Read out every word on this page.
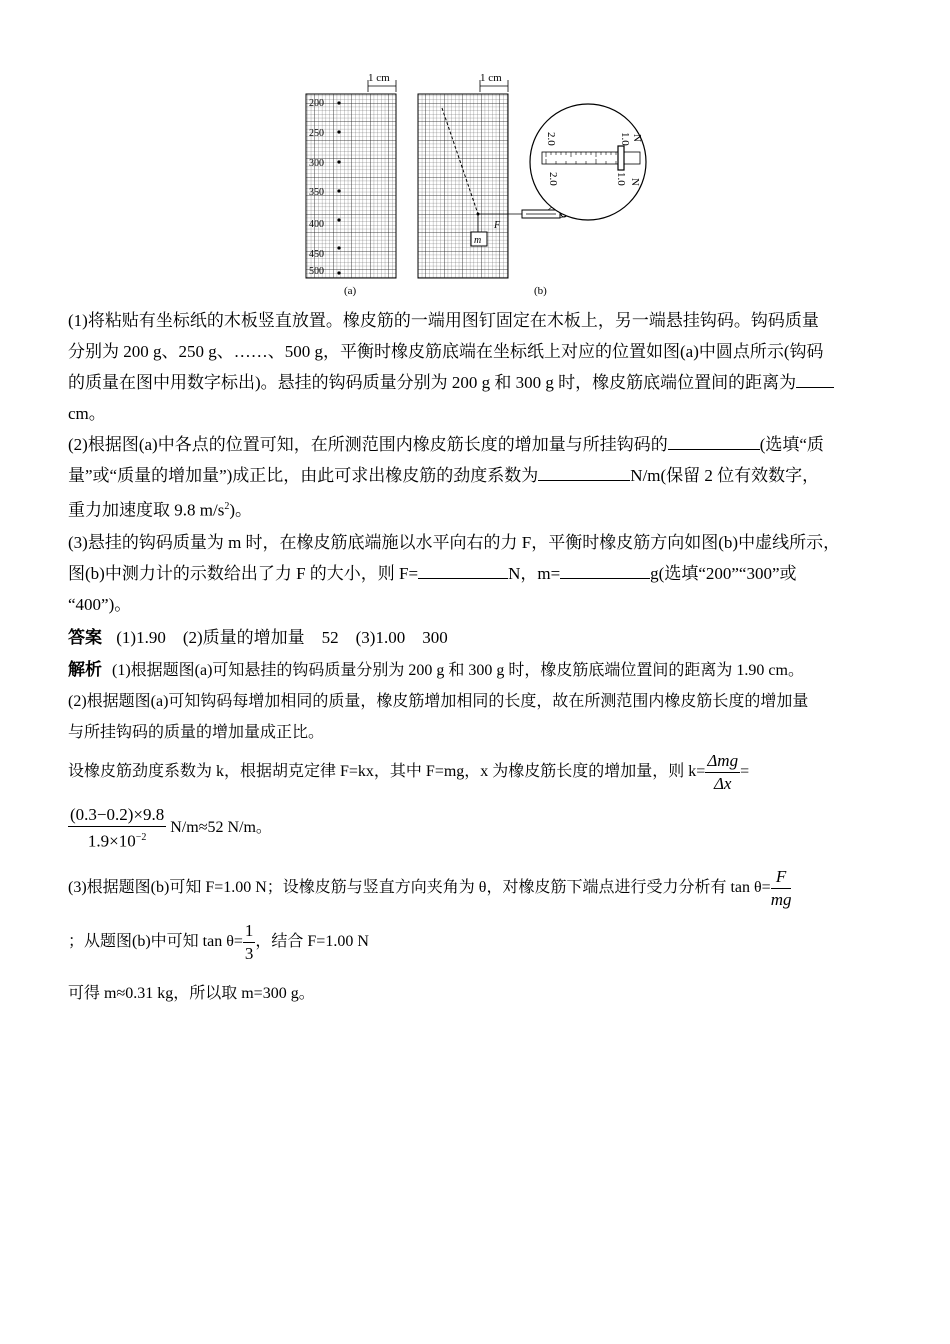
1 cm
200
250
300
350
400
450
500
(a)
1 cm
m
F
(b)
2.0	1.0 N
2.0	1.0 N
(1)将粘贴有坐标纸的木板竖直放置。橡皮筋的一端用图钉固定在木板上，另一端悬挂钩码。钩码质量
分别为 200 g、250 g、……、500 g，平衡时橡皮筋底端在坐标纸上对应的位置如图(a)中圆点所示(钩码
的质量在图中用数字标出)。悬挂的钩码质量分别为 200 g 和 300 g 时，橡皮筋底端位置间的距离为
cm。
(2)根据图(a)中各点的位置可知，在所测范围内橡皮筋长度的增加量与所挂钩码的	(选填“质
量”或“质量的增加量”)成正比，由此可求出橡皮筋的劲度系数为	N/m(保留 2 位有效数字，
重力加速度取 9.8 $m/s^2$)。
(3)悬挂的钩码质量为 m 时，在橡皮筋底端施以水平向右的力 F，平衡时橡皮筋方向如图(b)中虚线所示，
图(b)中测力计的示数给出了力 F 的大小，则 F=	N，m=	g(选填“200”“300”或
“400”)。
答案 (1)1.90　(2)质量的增加量　52　(3)1.00　300
解析 (1)根据题图(a)可知悬挂的钩码质量分别为 200 g 和 300 g 时，橡皮筋底端位置间的距离为 1.90 cm。
(2)根据题图(a)可知钩码每增加相同的质量，橡皮筋增加相同的长度，故在所测范围内橡皮筋长度的增加量
与所挂钩码的质量的增加量成正比。
设橡皮筋劲度系数为 k，根据胡克定律 F=kx，其中 F=mg，x 为橡皮筋长度的增加量，则 $k= \frac{\text{Δmg}}{\Delta x}$ =
$\frac{(0.3-0.2)\times 9.8}{1.9\times 10^{-2}} N/m\approx 52$ N/m。
(3)根据题图(b)可知 F=1.00 N；设橡皮筋与竖直方向夹角为 θ，对橡皮筋下端点进行受力分析有 $\tan \theta= \frac{F}{mg}$
；从题图(b)中可知 $\tan \theta= \frac{1}{3}$ ，结合 F=1.00 N
可得 m≈0.31 kg，所以取 m=300 g。
